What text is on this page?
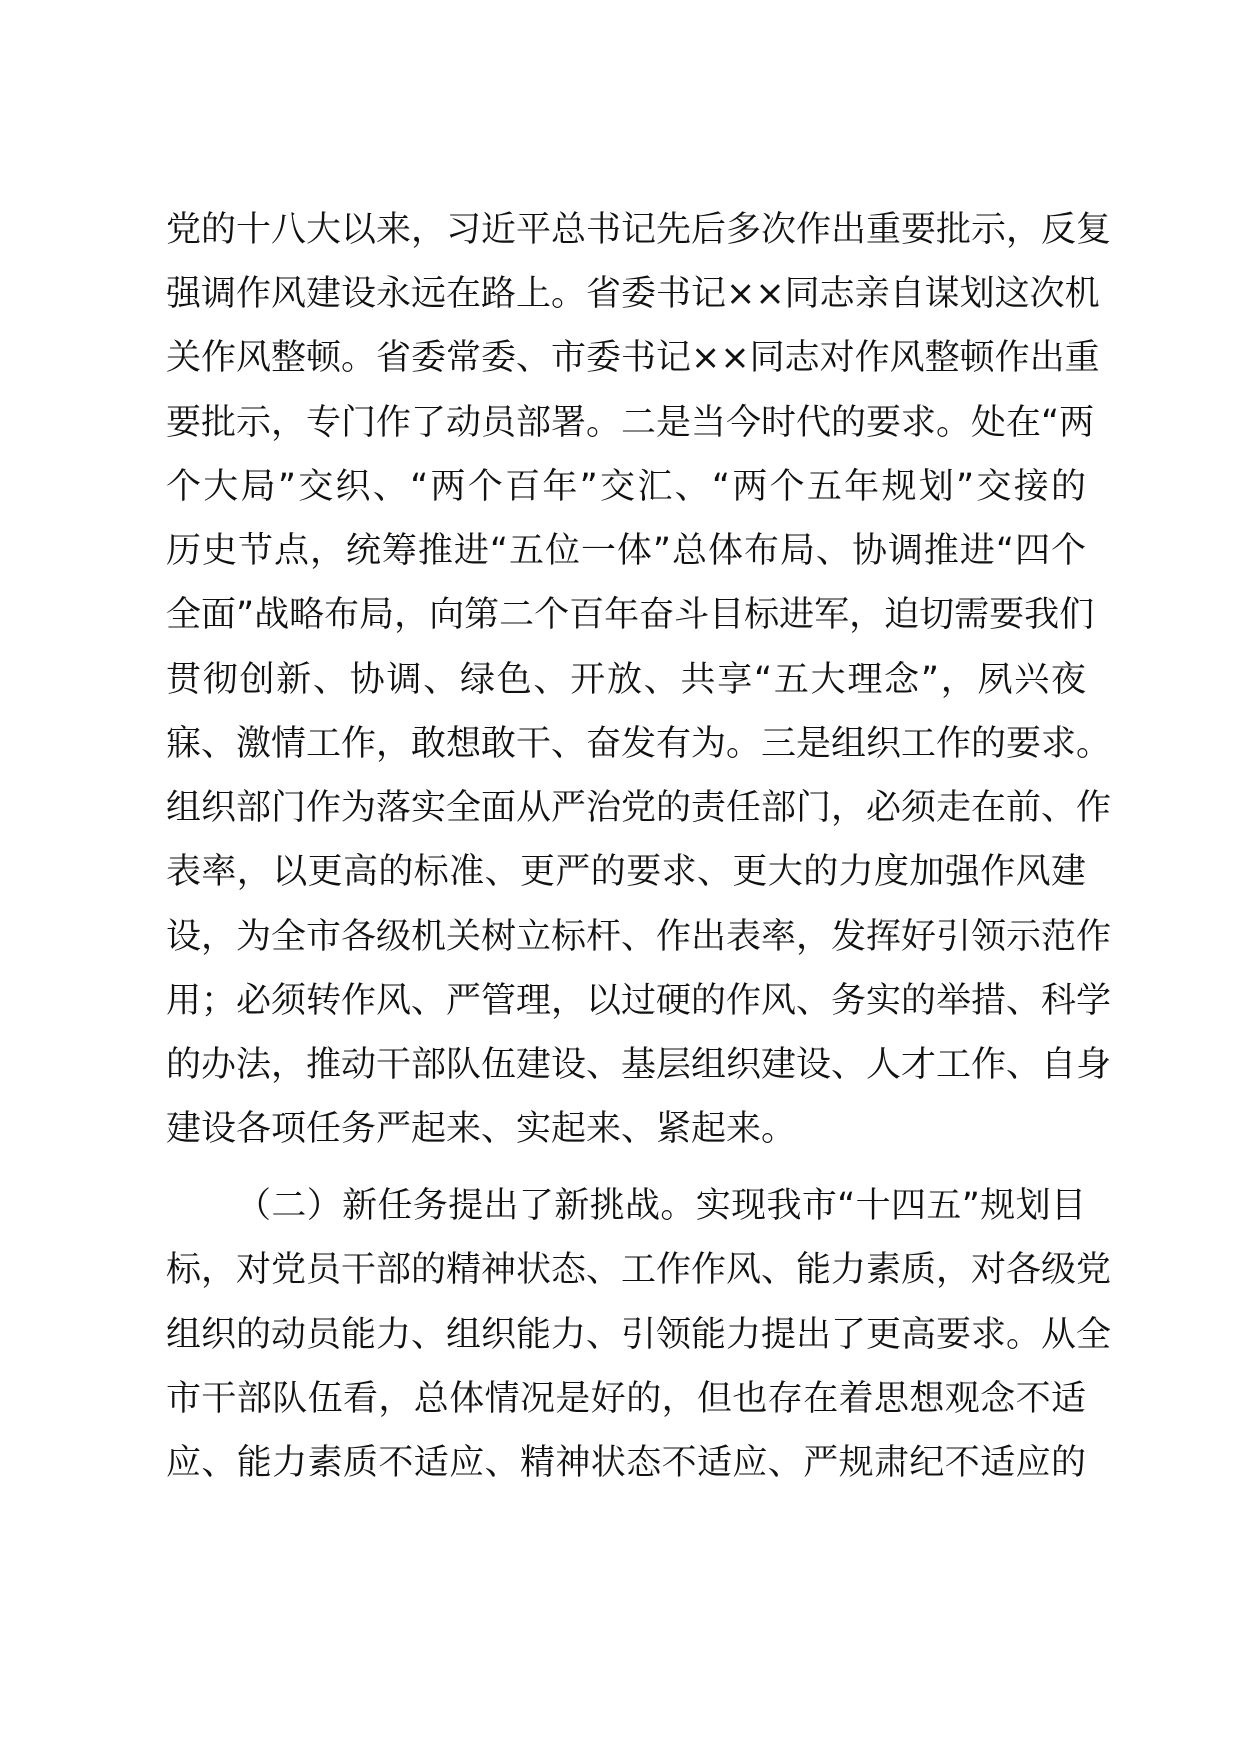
党的十八大以来，习近平总书记先后多次作出重要批示，反复

强调作风建设永远在路上。省委书记××同志亲自谋划这次机

关作风整顿。省委常委、市委书记××同志对作风整顿作出重

要批示，专门作了动员部署。二是当今时代的要求。处在“两

个大局”交织、“两个百年”交汇、“两个五年规划”交接的

历史节点，统筹推进“五位一体”总体布局、协调推进“四个

全面”战略布局，向第二个百年奋斗目标进军，迫切需要我们

贯彻创新、协调、绿色、开放、共享“五大理念”，夙兴夜

寐、激情工作，敢想敢干、奋发有为。三是组织工作的要求。

组织部门作为落实全面从严治党的责任部门，必须走在前、作

表率，以更高的标准、更严的要求、更大的力度加强作风建

设，为全市各级机关树立标杆、作出表率，发挥好引领示范作

用；必须转作风、严管理，以过硬的作风、务实的举措、科学

的办法，推动干部队伍建设、基层组织建设、人才工作、自身

建设各项任务严起来、实起来、紧起来。

（二）新任务提出了新挑战。实现我市“十四五”规划目

标，对党员干部的精神状态、工作作风、能力素质，对各级党

组织的动员能力、组织能力、引领能力提出了更高要求。从全

市干部队伍看，总体情况是好的，但也存在着思想观念不适

应、能力素质不适应、精神状态不适应、严规肃纪不适应的
